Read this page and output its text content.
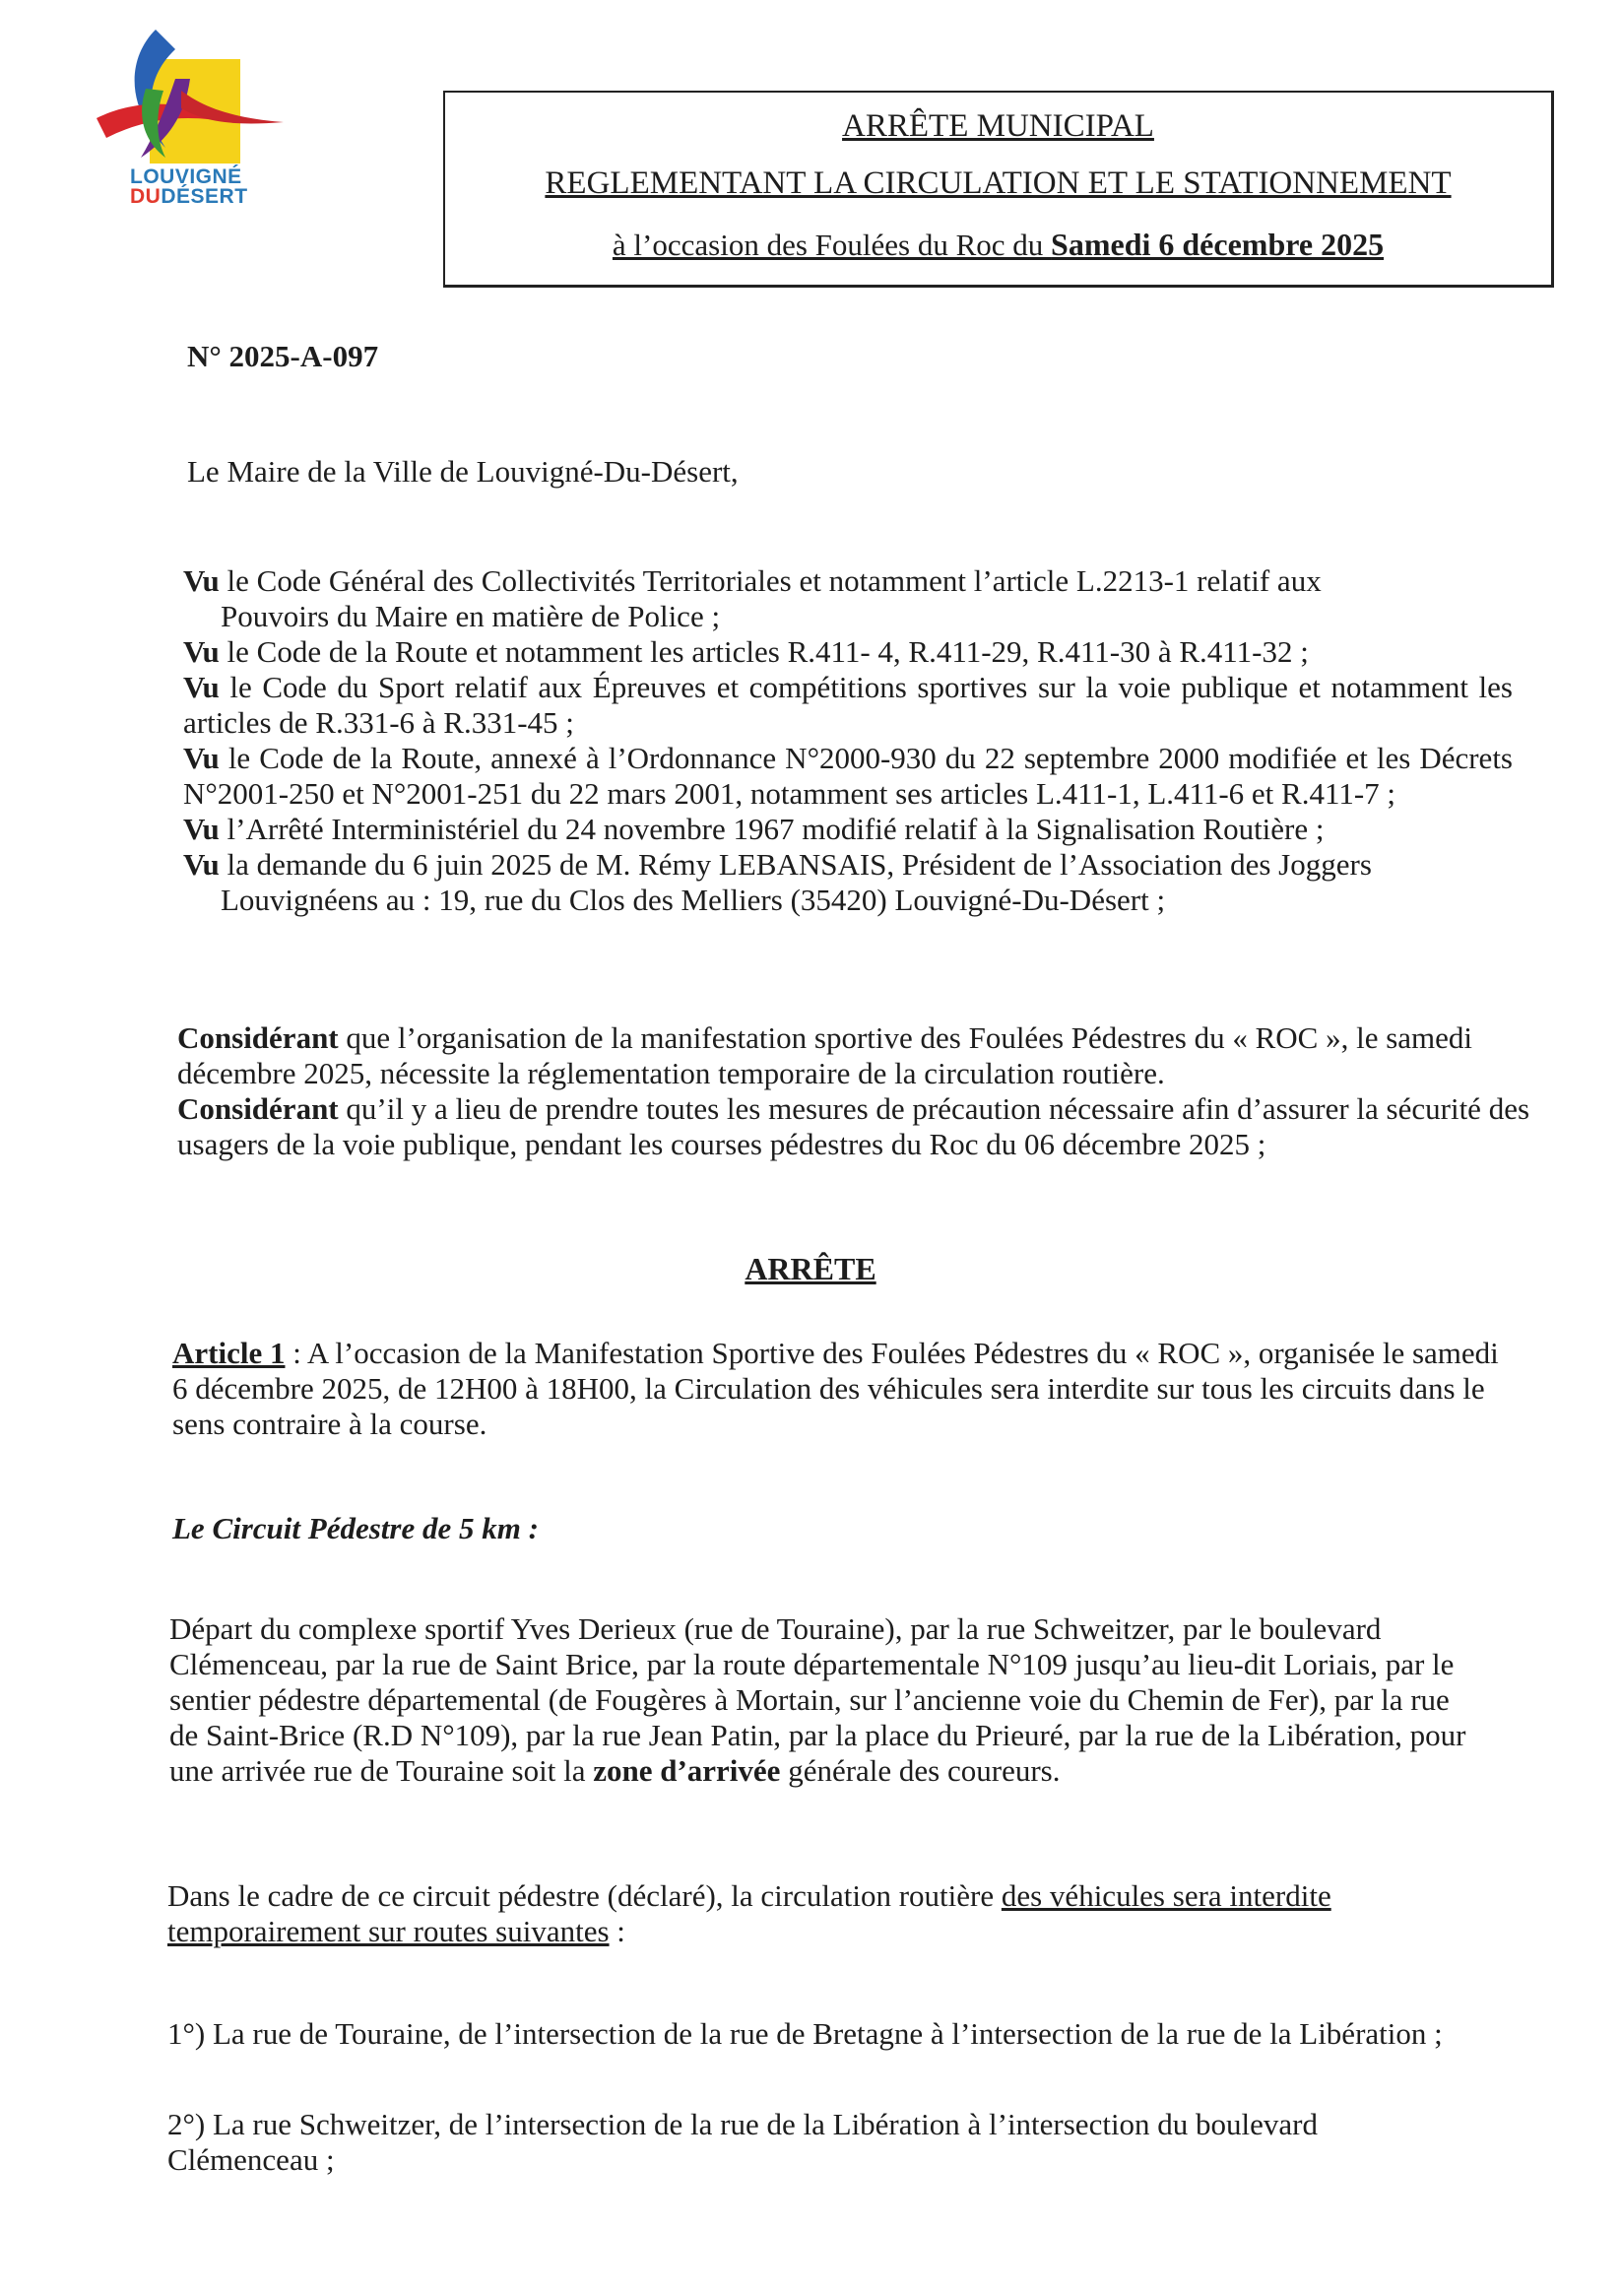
LOUVIGNÉ
DUDÉSERT
ARRÊTE MUNICIPAL
REGLEMENTANT LA CIRCULATION ET LE STATIONNEMENT
à l’occasion des Foulées du Roc du Samedi 6 décembre 2025
N° 2025-A-097
Le Maire de la Ville de Louvigné-Du-Désert,

Vu le Code Général des Collectivités Territoriales et notamment l’article L.2213-1 relatif aux

Pouvoirs du Maire en matière de Police ;

Vu le Code de la Route et notamment les articles R.411- 4, R.411-29, R.411-30 à R.411-32 ;

Vu le Code du Sport relatif aux Épreuves et compétitions sportives sur la voie publique et notamment les articles de R.331-6 à R.331-45 ;

Vu le Code de la Route, annexé à l’Ordonnance N°2000-930 du 22 septembre 2000 modifiée et les Décrets N°2001-250 et N°2001-251 du 22 mars 2001, notamment ses articles L.411-1, L.411-6 et R.411-7 ;

Vu l’Arrêté Interministériel du 24 novembre 1967 modifié relatif à la Signalisation Routière ;

Vu la demande du 6 juin 2025 de M. Rémy LEBANSAIS, Président de l’Association des Joggers

Louvignéens au : 19, rue du Clos des Melliers (35420) Louvigné-Du-Désert ;

Considérant que l’organisation de la manifestation sportive des Foulées Pédestres du « ROC », le samedi décembre 2025, nécessite la réglementation temporaire de la circulation routière.

Considérant qu’il y a lieu de prendre toutes les mesures de précaution nécessaire afin d’assurer la sécurité des usagers de la voie publique, pendant les courses pédestres du Roc du 06 décembre 2025 ;

ARRÊTE
Article 1 : A l’occasion de la Manifestation Sportive des Foulées Pédestres du « ROC », organisée le samedi 6 décembre 2025, de 12H00 à 18H00, la Circulation des véhicules sera interdite sur tous les circuits dans le sens contraire à la course.
Le Circuit Pédestre de 5 km :
Départ du complexe sportif Yves Derieux (rue de Touraine), par la rue Schweitzer, par le boulevard Clémenceau, par la rue de Saint Brice, par la route départementale N°109 jusqu’au lieu-dit Loriais, par le sentier pédestre départemental (de Fougères à Mortain, sur l’ancienne voie du Chemin de Fer), par la rue de Saint-Brice (R.D N°109), par la rue Jean Patin, par la place du Prieuré, par la rue de la Libération, pour une arrivée rue de Touraine soit la zone d’arrivée générale des coureurs.
Dans le cadre de ce circuit pédestre (déclaré), la circulation routière des véhicules sera interdite temporairement sur routes suivantes :
1°) La rue de Touraine, de l’intersection de la rue de Bretagne à l’intersection de la rue de la Libération ;
2°) La rue Schweitzer, de l’intersection de la rue de la Libération à l’intersection du boulevard Clémenceau ;
